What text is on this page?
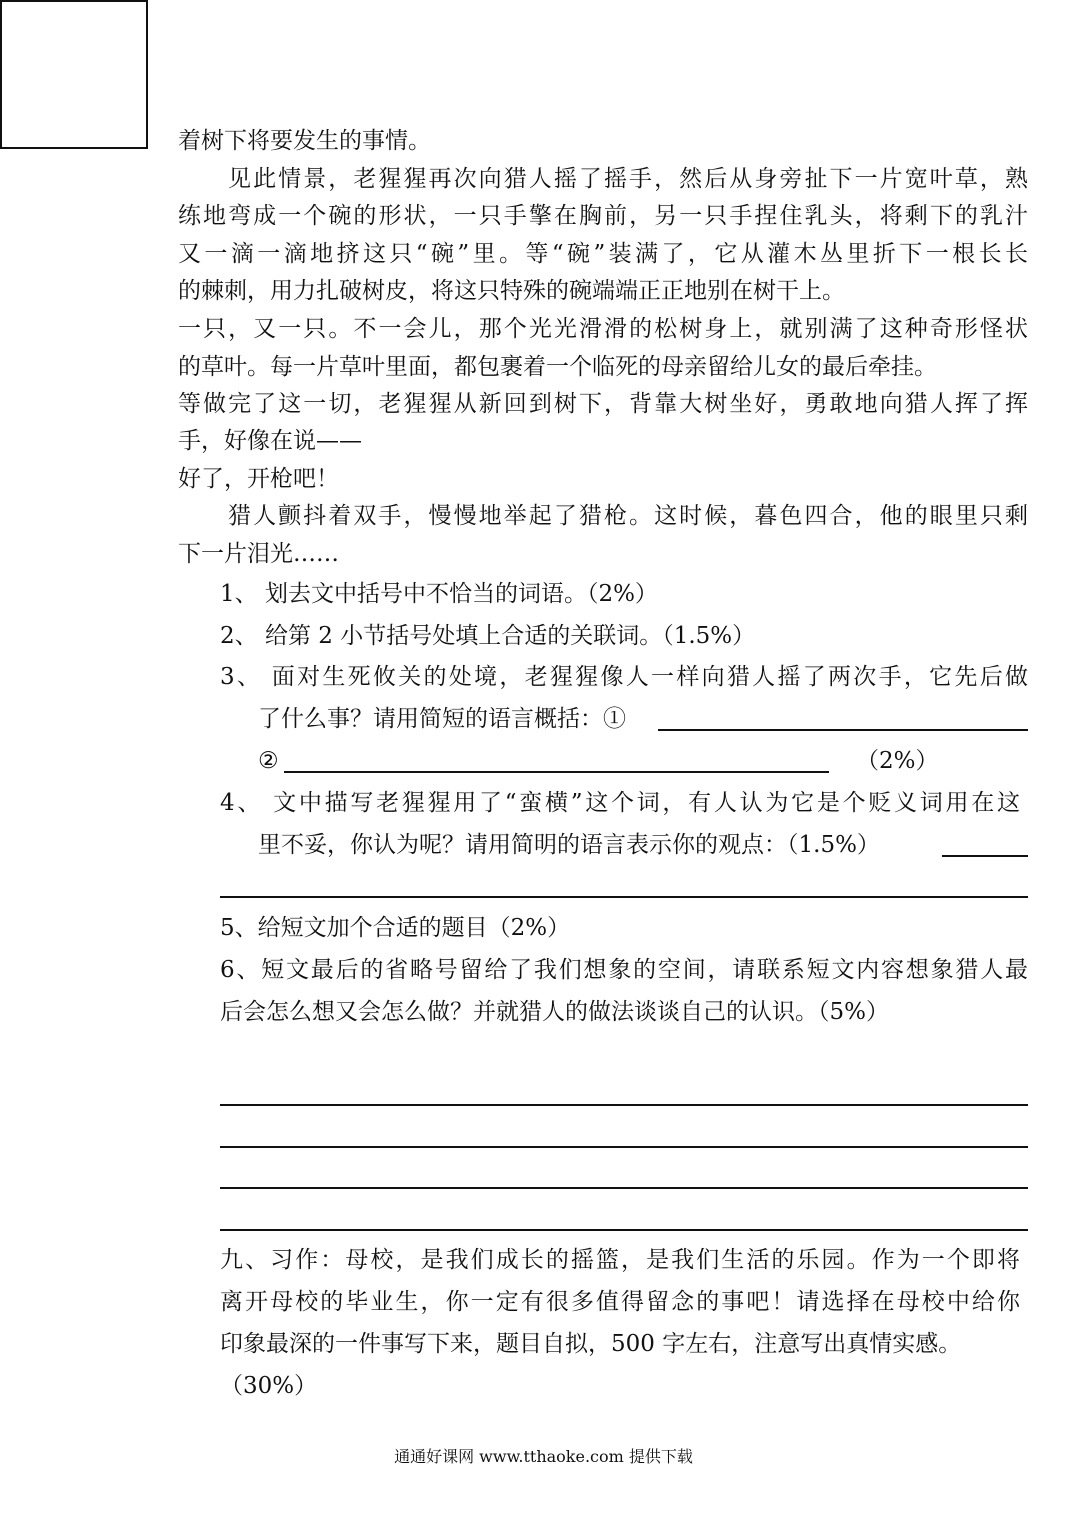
着树下将要发生的事情。
见此情景，老猩猩再次向猎人摇了摇手，然后从身旁扯下一片宽叶草，熟
练地弯成一个碗的形状，一只手擎在胸前，另一只手捏住乳头，将剩下的乳汁
又一滴一滴地挤这只“碗”里。等“碗”装满了，它从灌木丛里折下一根长长
的棘刺，用力扎破树皮，将这只特殊的碗端端正正地别在树干上。
一只，又一只。不一会儿，那个光光滑滑的松树身上，就别满了这种奇形怪状
的草叶。每一片草叶里面，都包裹着一个临死的母亲留给儿女的最后牵挂。
等做完了这一切，老猩猩从新回到树下，背靠大树坐好，勇敢地向猎人挥了挥
手，好像在说——
好了，开枪吧！
猎人颤抖着双手，慢慢地举起了猎枪。这时候，暮色四合，他的眼里只剩
下一片泪光……
1、 划去文中括号中不恰当的词语。（2%）
2、 给第 2 小节括号处填上合适的关联词。（1.5%）
3、 面对生死攸关的处境，老猩猩像人一样向猎人摇了两次手，它先后做
了什么事？请用简短的语言概括：①
②	（2%）
4、 文中描写老猩猩用了“蛮横”这个词，有人认为它是个贬义词用在这
里不妥，你认为呢？请用简明的语言表示你的观点：（1.5%）
5、给短文加个合适的题目（2%）
6、短文最后的省略号留给了我们想象的空间，请联系短文内容想象猎人最
后会怎么想又会怎么做？并就猎人的做法谈谈自己的认识。（5%）
九、习作：母校，是我们成长的摇篮，是我们生活的乐园。作为一个即将
离开母校的毕业生，你一定有很多值得留念的事吧！请选择在母校中给你
印象最深的一件事写下来，题目自拟，500 字左右，注意写出真情实感。
（30%）
通通好课网 www.tthaoke.com 提供下载
